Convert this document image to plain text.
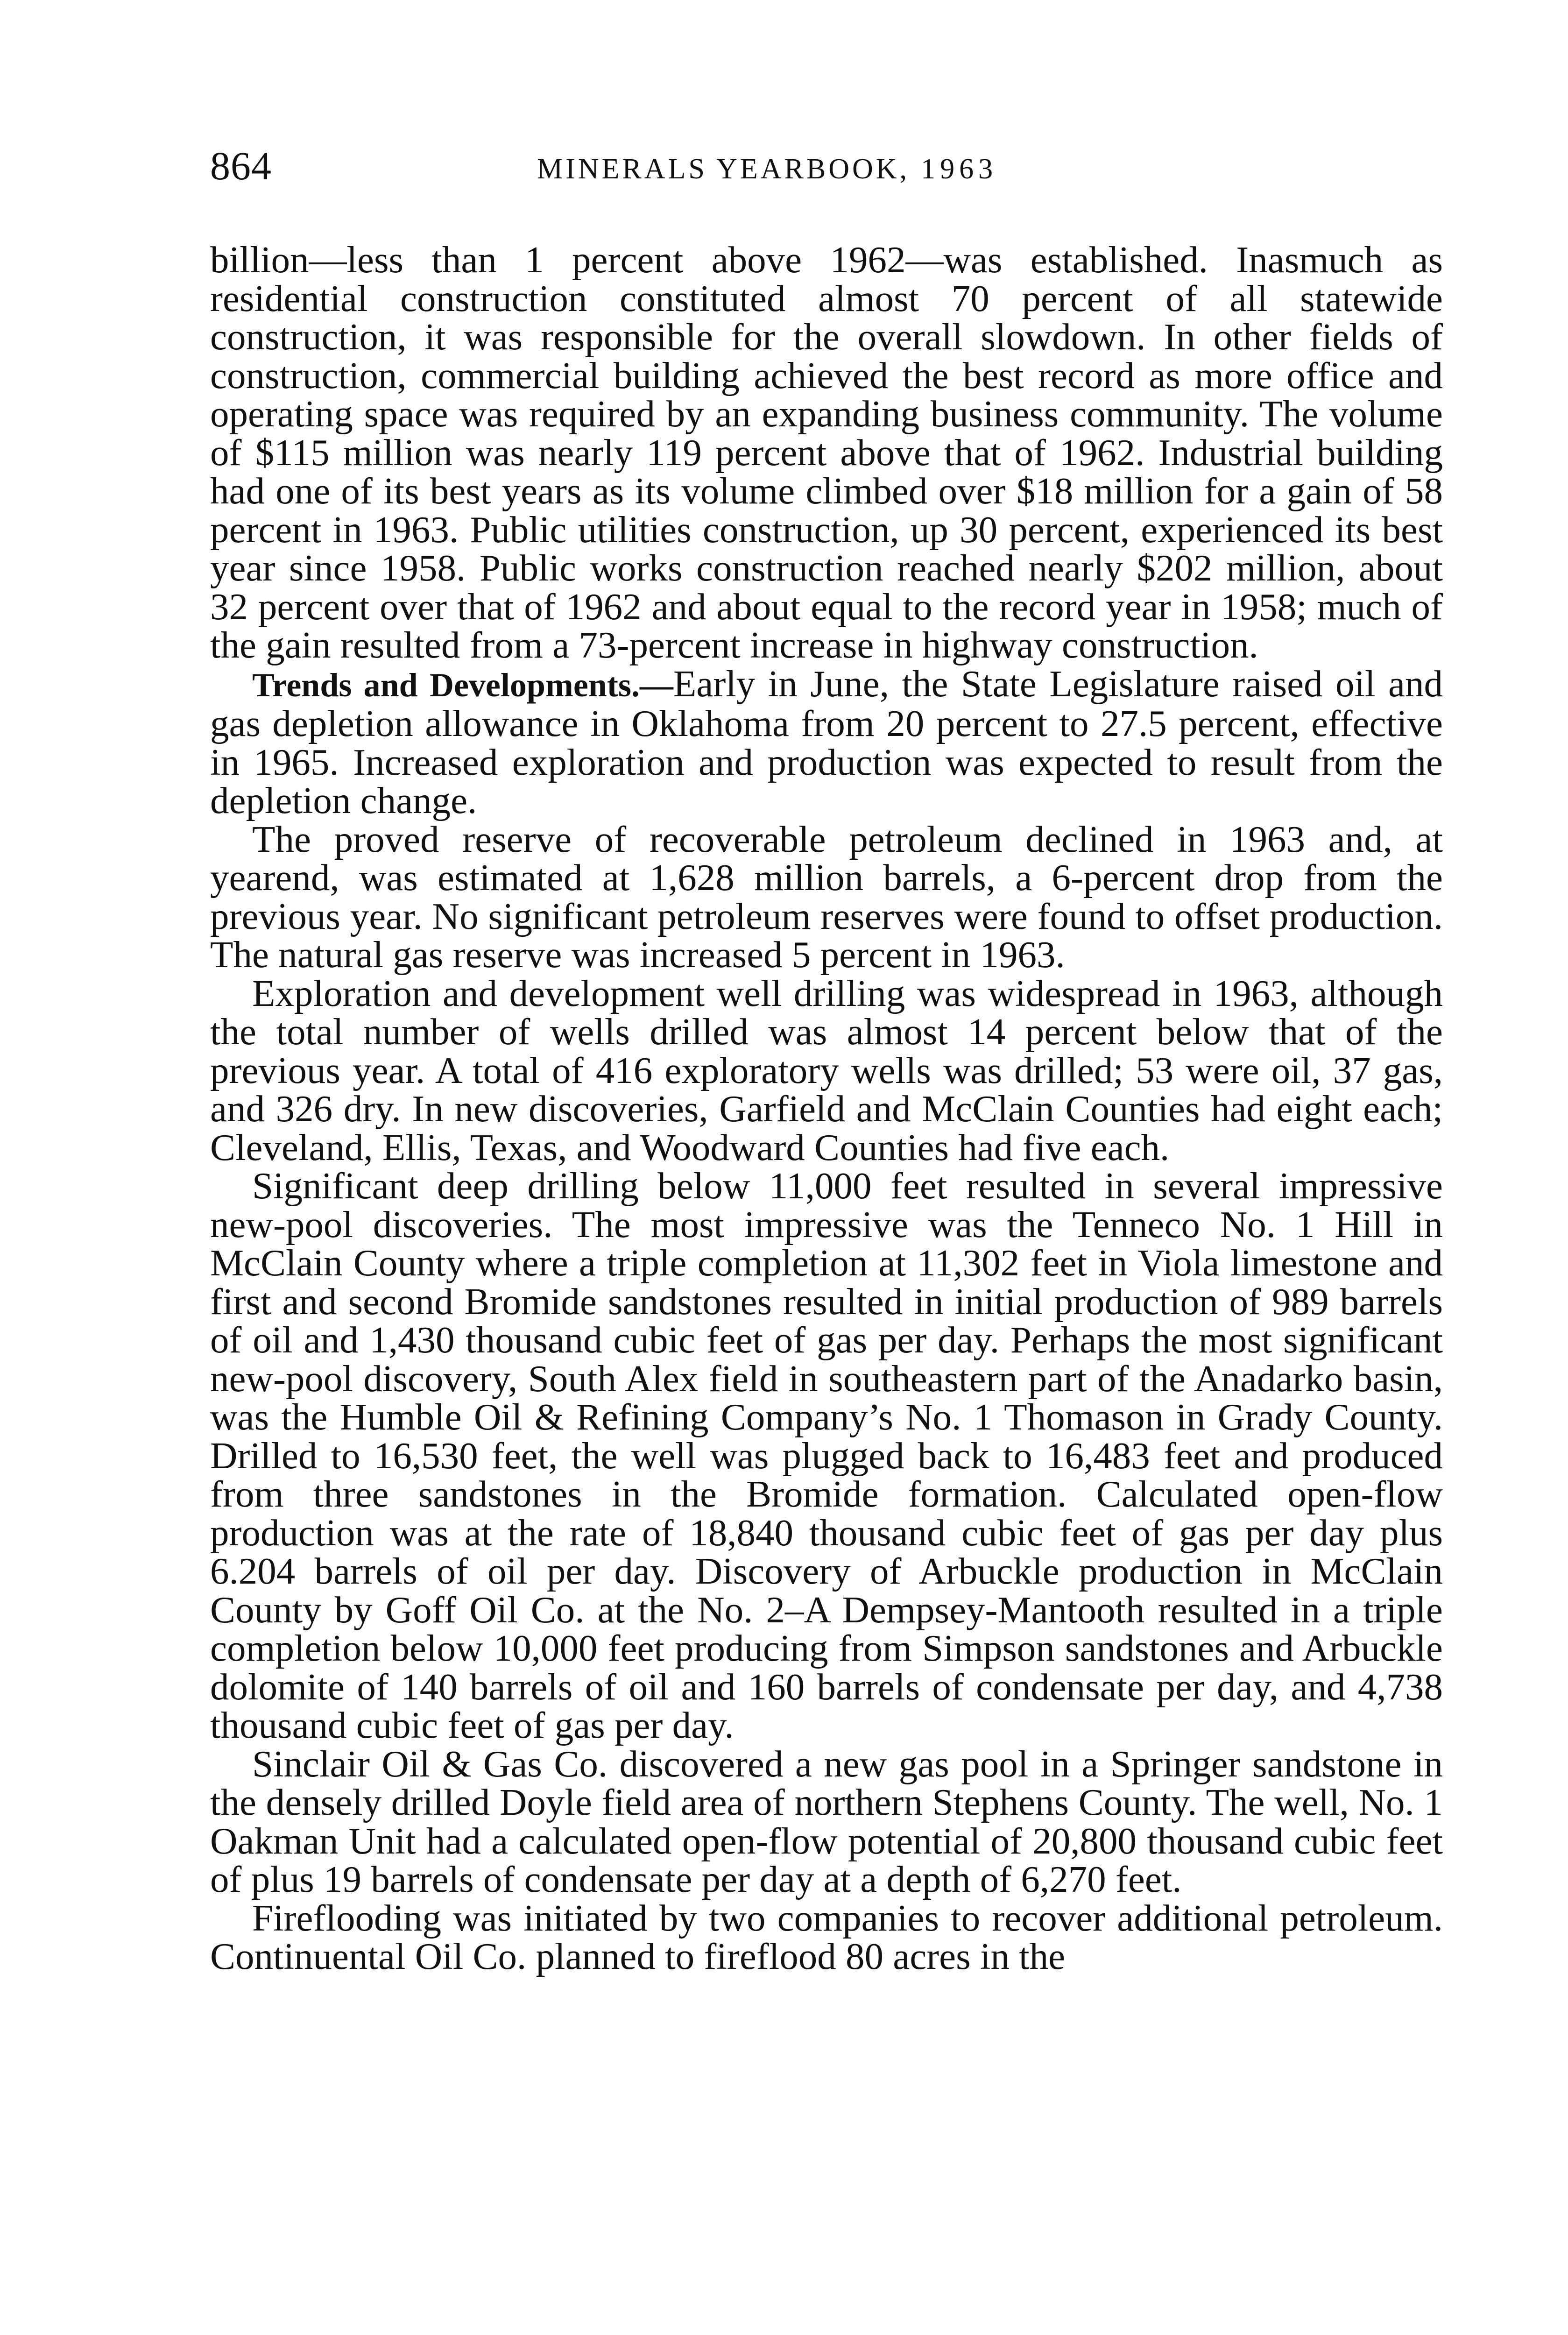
864	MINERALS YEARBOOK, 1963

billion—less than 1 percent above 1962—was established. Inasmuch as residential construction constituted almost 70 percent of all statewide construction, it was responsible for the overall slowdown. In other fields of construction, commercial building achieved the best record as more office and operating space was required by an expanding business community. The volume of $115 million was nearly 119 percent above that of 1962. Industrial building had one of its best years as its volume climbed over $18 million for a gain of 58 percent in 1963. Public utilities construction, up 30 percent, experienced its best year since 1958. Public works construction reached nearly $202 million, about 32 percent over that of 1962 and about equal to the record year in 1958; much of the gain resulted from a 73-percent increase in highway construction.

Trends and Developments.—Early in June, the State Legislature raised oil and gas depletion allowance in Oklahoma from 20 percent to 27.5 percent, effective in 1965. Increased exploration and production was expected to result from the depletion change.

The proved reserve of recoverable petroleum declined in 1963 and, at yearend, was estimated at 1,628 million barrels, a 6-percent drop from the previous year. No significant petroleum reserves were found to offset production. The natural gas reserve was increased 5 percent in 1963.

Exploration and development well drilling was widespread in 1963, although the total number of wells drilled was almost 14 percent below that of the previous year. A total of 416 exploratory wells was drilled; 53 were oil, 37 gas, and 326 dry. In new discoveries, Garfield and McClain Counties had eight each; Cleveland, Ellis, Texas, and Woodward Counties had five each.

Significant deep drilling below 11,000 feet resulted in several impressive new-pool discoveries. The most impressive was the Tenneco No. 1 Hill in McClain County where a triple completion at 11,302 feet in Viola limestone and first and second Bromide sandstones resulted in initial production of 989 barrels of oil and 1,430 thousand cubic feet of gas per day. Perhaps the most significant new-pool discovery, South Alex field in southeastern part of the Anadarko basin, was the Humble Oil & Refining Company’s No. 1 Thomason in Grady County. Drilled to 16,530 feet, the well was plugged back to 16,483 feet and produced from three sandstones in the Bromide formation. Calculated open-flow production was at the rate of 18,840 thousand cubic feet of gas per day plus 6.204 barrels of oil per day. Discovery of Arbuckle production in McClain County by Goff Oil Co. at the No. 2–A Dempsey-Mantooth resulted in a triple completion below 10,000 feet producing from Simpson sandstones and Arbuckle dolomite of 140 barrels of oil and 160 barrels of condensate per day, and 4,738 thousand cubic feet of gas per day.

Sinclair Oil & Gas Co. discovered a new gas pool in a Springer sandstone in the densely drilled Doyle field area of northern Stephens County. The well, No. 1 Oakman Unit had a calculated open-flow potential of 20,800 thousand cubic feet of plus 19 barrels of condensate per day at a depth of 6,270 feet.

Fireflooding was initiated by two companies to recover additional petroleum. Continuental Oil Co. planned to fireflood 80 acres in the
